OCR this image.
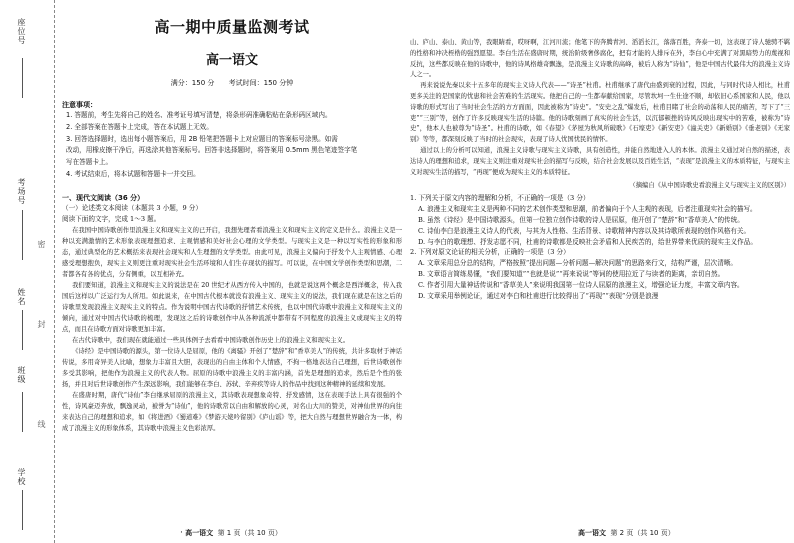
座位号
考场号
密
姓名
封
班级
线
学校
高一期中质量监测考试
高一语文
满分：150 分 考试时间：150 分钟
注意事项：
1. 答题前，考生先将自己的姓名、准考证号填写清楚，将条形码准确粘贴在条形码区域内。
2. 全部答案在答题卡上完成，答在本试题上无效。
3. 回答选择题时，选出每小题答案后，用 2B 铅笔把答题卡上对应题目的答案标号涂黑。如需
改动，用橡皮擦干净后，再选涂其他答案标号。回答非选择题时，将答案用 0.5mm 黑色笔迹签字笔
写在答题卡上。
4. 考试结束后，将本试题和答题卡一并交回。
一、现代文阅读（36 分）
（一）论述类文本阅读（本题共 3 小题，9 分）
阅读下面的文字，完成 1～3 题。

在我国中国诗歌创作里浪漫主义和现实主义的已开启，我想先理者看浪漫主义和现实主义的定义是什么。浪漫主义是一种以充满激情的艺术形象表现理想追求、主观情感和美好社会心理的文学类型。与现实主义是一种以写实性的形象和形态，通过典型化的艺术概括来表现社会现实和人生理想的文学类型。由此可见，浪漫主义偏向于抒发个人主观情感、心理感受理想抱负，现实主义则更注重对现实社会生活环境和人们生存现状的描写。可以说，在中国文学创作类型和思潮，二者都各有各的优点，分有侧重，以互相补充。

我们要知道，浪漫主义和现实主义的说法是在 20 世纪才从西方传入中国的，也就是说这两个概念是西洋概念，传入我国后这样以广泛运行为人所用。如此说来，在中国古代根本就没有浪漫主义、现实主义的说法，我们现在就是在这之后的诗歌里发现浪漫主义现实主义的特点。作为说明中国古代诗歌的抒情艺术传统，也以中国代诗歌中浪漫主义和现实主义的倾向，通过对中国古代诗歌的梳理，发现这之后的诗歌创作中从各种流派中都带有不同程度的浪漫主义或现实主义的特点，而且在诗歌方面对诗歌更加丰富。

在古代诗歌中，我们现在就能通过一些具体例子去看看中国诗歌创作历史上的浪漫主义和现实主义。

《诗经》是中国诗歌的源头，第一位诗人是屈原，他的《离骚》开创了“楚辞”和“香草美人”的传统，共计多取材于神话传说，多用奇异美人比喻，想象力丰富且大胆，表现出的自由主体和个人情感，不拘一格地表达自己理想，后世诗歌创作多受其影响，把他作为浪漫主义的代表人物。屈原的诗歌中浪漫主义的丰富内涵，首先是理想的追求，然后是个性的张扬，并且对后世诗歌创作产生深远影响，我们能够在李白、苏轼、辛弃疾等诗人的作品中找到这种精神的延续和发展。

在盛唐时期，唐代“诗仙”李白继承屈原的浪漫主义，其诗歌表现想象奇特、抒发感情，这在表现手法上具有很强的个性，诗风豪迈奔放，飘逸灵动，被誉为“诗仙”，他的诗歌常以自由和解放的心灵，对名山大川的赞美，对神仙世界的向往来表达自己的理想和追求，如《将进酒》《蜀道难》《梦游天姥吟留别》《庐山谣》等，把大自然与理想世界融合为一体，构成了浪漫主义的形象体系，其诗歌中浪漫主义色彩浓厚。

山、庐山、泰山、黄山等，我眼睛看，哎呀啊，江河川流；他笔下的奔腾青河、滔滔长江，落落百胜，奔泰一切，这表现了诗人驰骋不羁的性格和冲决桎梏的强烈愿望。李白生活在盛唐时期，统治阶级奢侈腐化，把有才能的人排斥在外，李白心中充满了对黑暗势力的蔑视和反抗，这些都反映在他的诗歌中，他的诗风格雄奇飘逸，是浪漫主义诗歌的高峰，被后人称为“诗仙”，他是中国古代最伟大的浪漫主义诗人之一。

再来说说先秦以来十五多年的现实主义诗人代表——“诗圣”杜甫。杜甫继承了唐代由盛到衰的过程，因此，与同时代诗人相比，杜甫更多关注的是国家的忧患和社会苦难的生活现实。他把自己的一生都奉献给国家，尽管坎坷一生仕途不顺，却依旧心系国家和人民，他以诗歌的形式写出了当时社会生活的方方面面，因此被称为“诗史”。“安史之乱”爆发后，杜甫目睹了社会的动荡和人民的痛苦，写下了“三吏”“三别”等，创作了许多反映现实生活的诗篇。他的诗歌刻画了真实的社会生活，以沉郁顿挫的诗风反映出现实中的苦难，被称为“诗史”，他本人也被尊为“诗圣”。杜甫的诗歌，如《春望》《茅屋为秋风所破歌》《石壕吏》《新安吏》《潼关吏》《新婚别》《垂老别》《无家别》等等，都深刻反映了当时的社会现实，表现了诗人忧国忧民的情怀。

通过以上的分析可以知道，浪漫主义诗歌与现实主义诗歌，具有创造性，并能自然地进入人的本体。浪漫主义通过对自然的描述，表达诗人的理想和追求，现实主义则注重对现实社会的描写与反映，结合社会发展以及百姓生活，“表现”是浪漫主义的本质特征，与现实主义对现实生活的描写，“再现”便成为现实主义的本质特征。

（摘编自《从中国诗歌史看浪漫主义与现实主义的区别》）

1. 下列关于原文内容的理解和分析，不正确的一项是（3 分）

A. 浪漫主义和现实主义是两种不同的艺术创作类型和思潮，前者偏向于个人主观的表现，后者注重现实社会的描写。

B. 虽然《诗经》是中国诗歌源头，但第一位独立创作诗歌的诗人是屈原，他开创了“楚辞”和“香草美人”的传统。

C. 诗仙李白是浪漫主义诗人的代表，与其为人性格、生活背景、诗歌精神内容以及其诗歌所表现的创作风格有关。

D. 与李白的歌理想、抒发志愿不同，杜甫的诗歌都是反映社会矛盾和人民疾苦的，给世界带来优质的现实主义作品。

2. 下列对原文论证的相关分析，正确的一项是（3 分）

A. 文章采用总分总的结构，严格按照“提出问题—分析问题—解决问题”的思路来行文，结构严谨，层次清晰。

B. 文章语言简练易懂，“我们要知道”“也就是说”“再来说说”等词的使用拉近了与读者的距离，亲切自然。

C. 作者引用大量神话传说和“香草美人”来说明我国第一位诗人屈原的浪漫主义，增强论证力度，丰富文章内容。

D. 文章采用举例论证，通过对李白和杜甫进行比较得出了“再现”“表现”分别是浪漫

· 高一语文 第 1 页（共 10 页）	高一语文 第 2 页（共 10 页）
